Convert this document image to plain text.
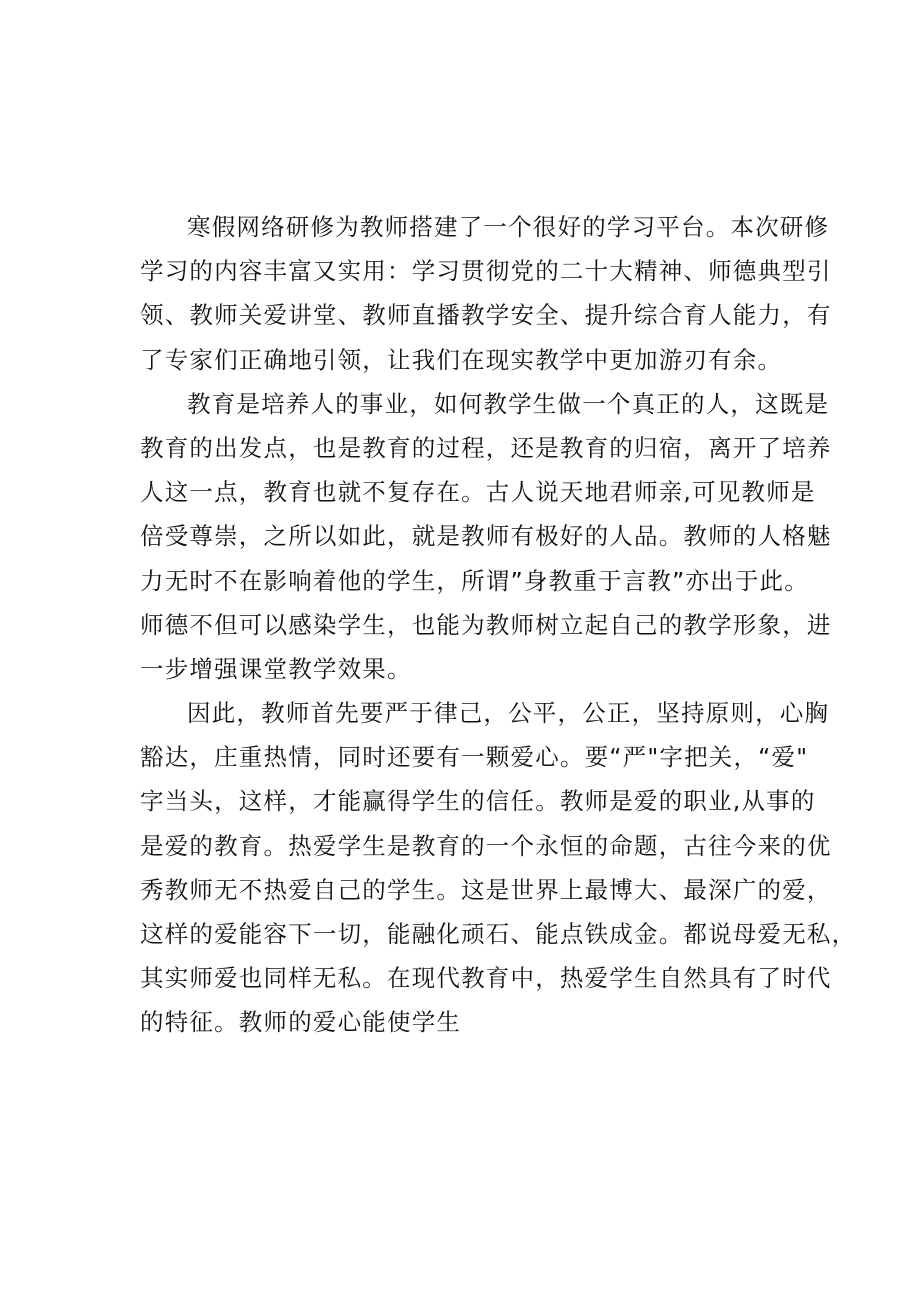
寒假网络研修为教师搭建了一个很好的学习平台。本次研修
学习的内容丰富又实用：学习贯彻党的二十大精神、师德典型引
领、教师关爱讲堂、教师直播教学安全、提升综合育人能力，有
了专家们正确地引领，让我们在现实教学中更加游刃有余。
教育是培养人的事业，如何教学生做一个真正的人，这既是
教育的出发点，也是教育的过程，还是教育的归宿，离开了培养
人这一点，教育也就不复存在。古人说天地君师亲,可见教师是
倍受尊崇，之所以如此，就是教师有极好的人品。教师的人格魅
力无时不在影响着他的学生，所谓”身教重于言教”亦出于此。
师德不但可以感染学生，也能为教师树立起自己的教学形象，进
一步增强课堂教学效果。
因此，教师首先要严于律己，公平，公正，坚持原则，心胸
豁达，庄重热情，同时还要有一颗爱心。要“严"字把关，“爱"
字当头，这样，才能赢得学生的信任。教师是爱的职业,从事的
是爱的教育。热爱学生是教育的一个永恒的命题，古往今来的优
秀教师无不热爱自己的学生。这是世界上最博大、最深广的爱，
这样的爱能容下一切，能融化顽石、能点铁成金。都说母爱无私，
其实师爱也同样无私。在现代教育中，热爱学生自然具有了时代
的特征。教师的爱心能使学生
